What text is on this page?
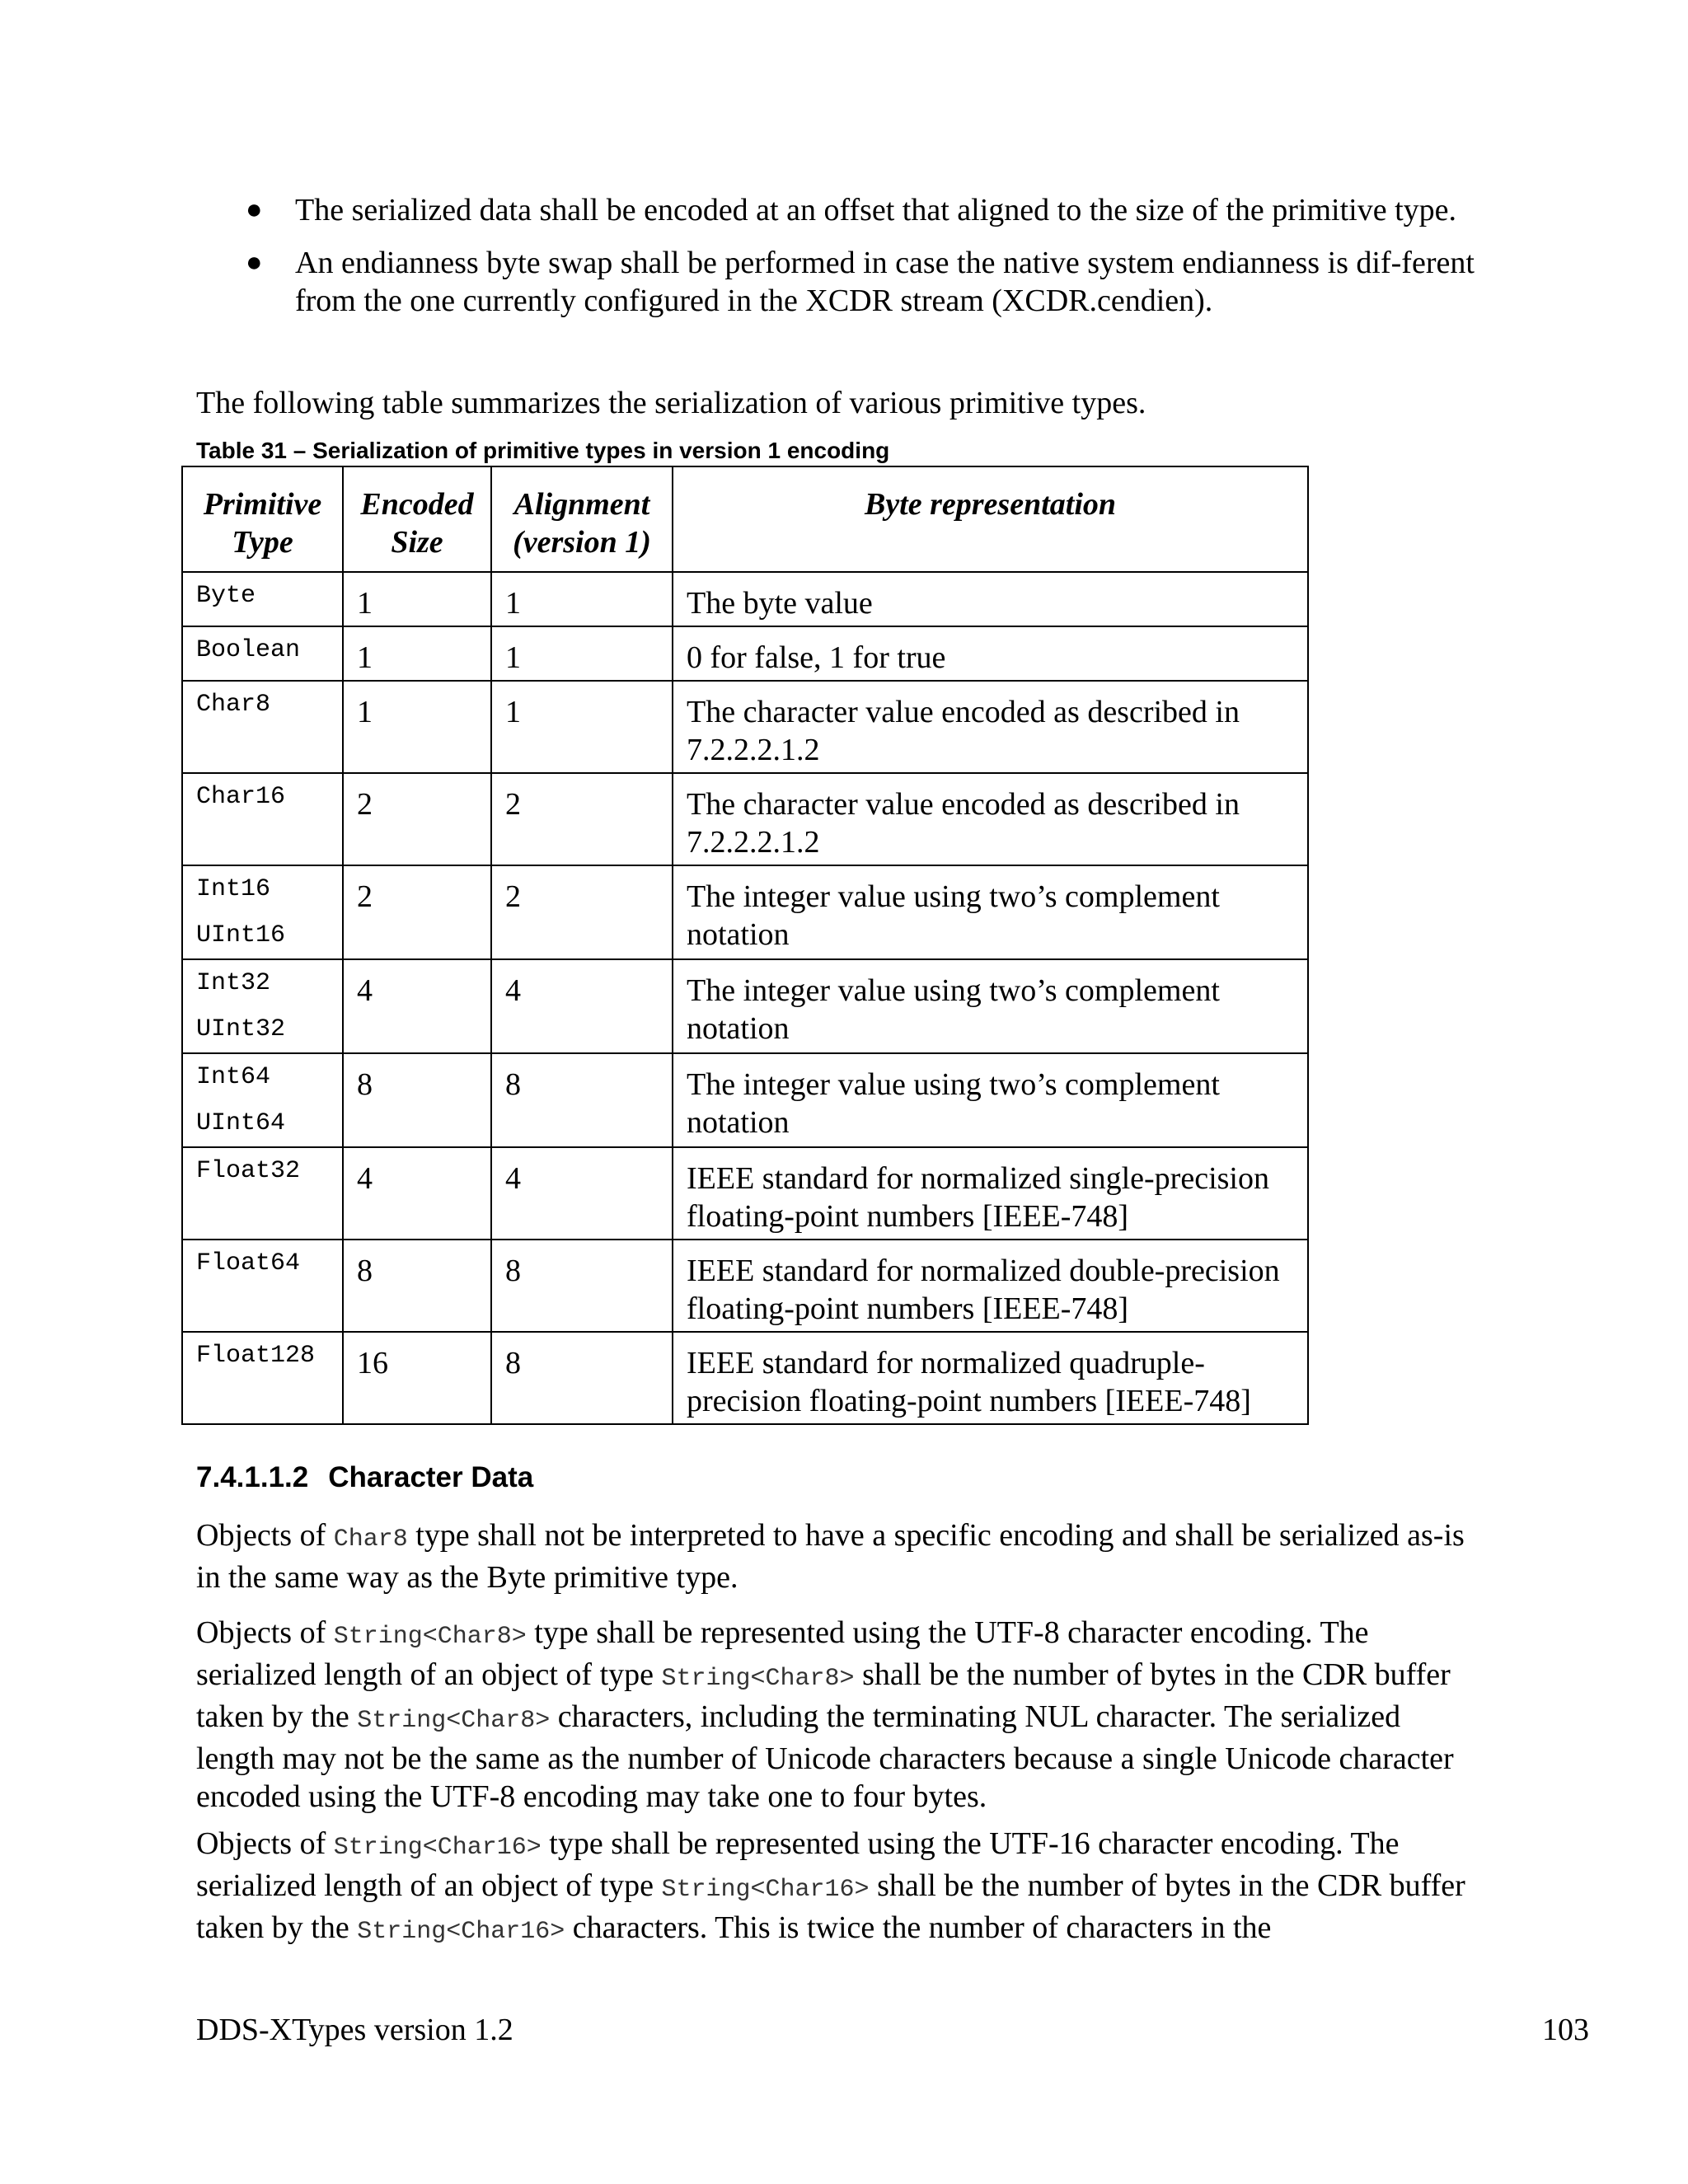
● The serialized data shall be encoded at an offset that aligned to the size of the primitive type.
● An endianness byte swap shall be performed in case the native system endianness is dif-ferent from the one currently configured in the XCDR stream (XCDR.cendien).

The following table summarizes the serialization of various primitive types.

Table 31 – Serialization of primitive types in version 1 encoding

Primitive Type	Encoded Size	Alignment (version 1)	Byte representation

Byte	1	1	The byte value

Boolean	1	1	0 for false, 1 for true

Char8	1	1	The character value encoded as described in 7.2.2.2.1.2

Char16	2	2	The character value encoded as described in 7.2.2.2.1.2

Int16
UInt16	2	2	The integer value using two’s complement notation

Int32
UInt32	4	4	The integer value using two’s complement notation

Int64
UInt64	8	8	The integer value using two’s complement notation

Float32	4	4	IEEE standard for normalized single-precision floating-point numbers [IEEE-748]

Float64	8	8	IEEE standard for normalized double-precision floating-point numbers [IEEE-748]

Float128	16	8	IEEE standard for normalized quadruple-precision floating-point numbers [IEEE-748]

7.4.1.1.2 Character Data

Objects of Char8 type shall not be interpreted to have a specific encoding and shall be serialized as-is in the same way as the Byte primitive type.

Objects of String<Char8> type shall be represented using the UTF-8 character encoding. The serialized length of an object of type String<Char8> shall be the number of bytes in the CDR buffer taken by the String<Char8> characters, including the terminating NUL character. The serialized length may not be the same as the number of Unicode characters because a single Unicode character encoded using the UTF-8 encoding may take one to four bytes.

Objects of String<Char16> type shall be represented using the UTF-16 character encoding. The serialized length of an object of type String<Char16> shall be the number of bytes in the CDR buffer taken by the String<Char16> characters. This is twice the number of characters in the

DDS-XTypes version 1.2	103
